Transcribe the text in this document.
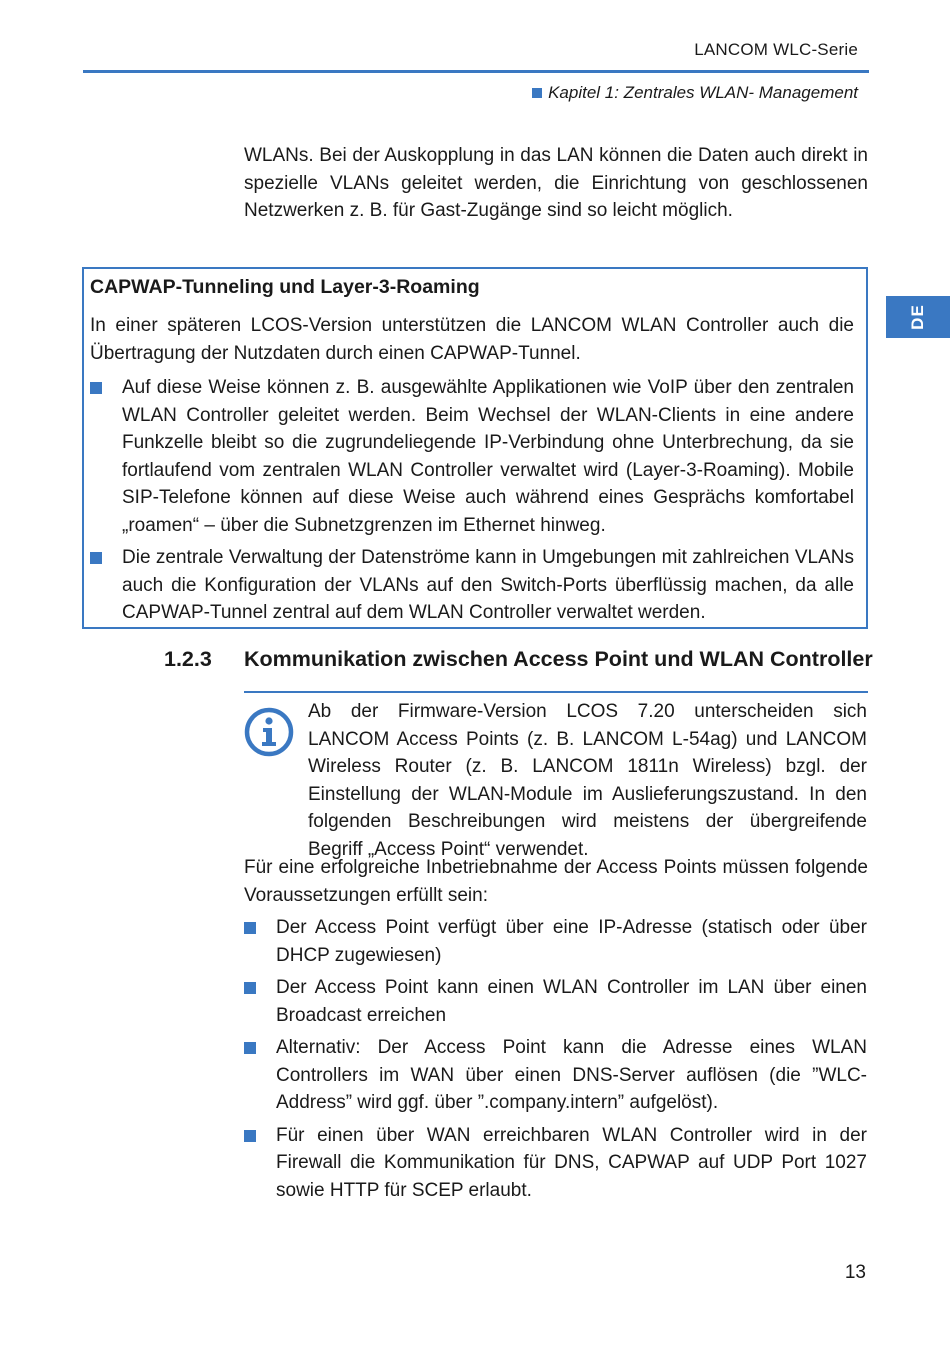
LANCOM WLC-Serie
Kapitel 1: Zentrales WLAN- Management
DE
WLANs. Bei der Auskopplung in das LAN können die Daten auch direkt in spezielle VLANs geleitet werden, die Einrichtung von geschlossenen Netzwerken z. B. für Gast-Zugänge sind so leicht möglich.
CAPWAP-Tunneling und Layer-3-Roaming
In einer späteren LCOS-Version unterstützen die LANCOM WLAN Controller auch die Übertragung der Nutzdaten durch einen CAPWAP-Tunnel.
Auf diese Weise können z. B. ausgewählte Applikationen wie VoIP über den zentralen WLAN Controller geleitet werden. Beim Wechsel der WLAN-Clients in eine andere Funkzelle bleibt so die zugrundeliegende IP-Verbindung ohne Unterbrechung, da sie fortlaufend vom zentralen WLAN Controller verwaltet wird (Layer-3-Roaming). Mobile SIP-Telefone können auf diese Weise auch während eines Gesprächs komfortabel „roamen“ – über die Subnetzgrenzen im Ethernet hinweg.
Die zentrale Verwaltung der Datenströme kann in Umgebungen mit zahlreichen VLANs auch die Konfiguration der VLANs auf den Switch-Ports überflüssig machen, da alle CAPWAP-Tunnel zentral auf dem WLAN Controller verwaltet werden.
1.2.3 Kommunikation zwischen Access Point und WLAN Controller
Ab der Firmware-Version LCOS 7.20 unterscheiden sich LANCOM Access Points (z. B. LANCOM L-54ag) und LANCOM Wireless Router (z. B. LANCOM 1811n Wireless) bzgl. der Einstellung der WLAN-Module im Auslieferungszustand. In den folgenden Beschreibungen wird meistens der übergreifende Begriff „Access Point“ verwendet.
Für eine erfolgreiche Inbetriebnahme der Access Points müssen folgende Voraussetzungen erfüllt sein:
Der Access Point verfügt über eine IP-Adresse (statisch oder über DHCP zugewiesen)
Der Access Point kann einen WLAN Controller im LAN über einen Broadcast erreichen
Alternativ: Der Access Point kann die Adresse eines WLAN Controllers im WAN über einen DNS-Server auflösen (die ”WLC-Address” wird ggf. über ”.company.intern” aufgelöst).
Für einen über WAN erreichbaren WLAN Controller wird in der Firewall die Kommunikation für DNS, CAPWAP auf UDP Port 1027 sowie HTTP für SCEP erlaubt.
13
